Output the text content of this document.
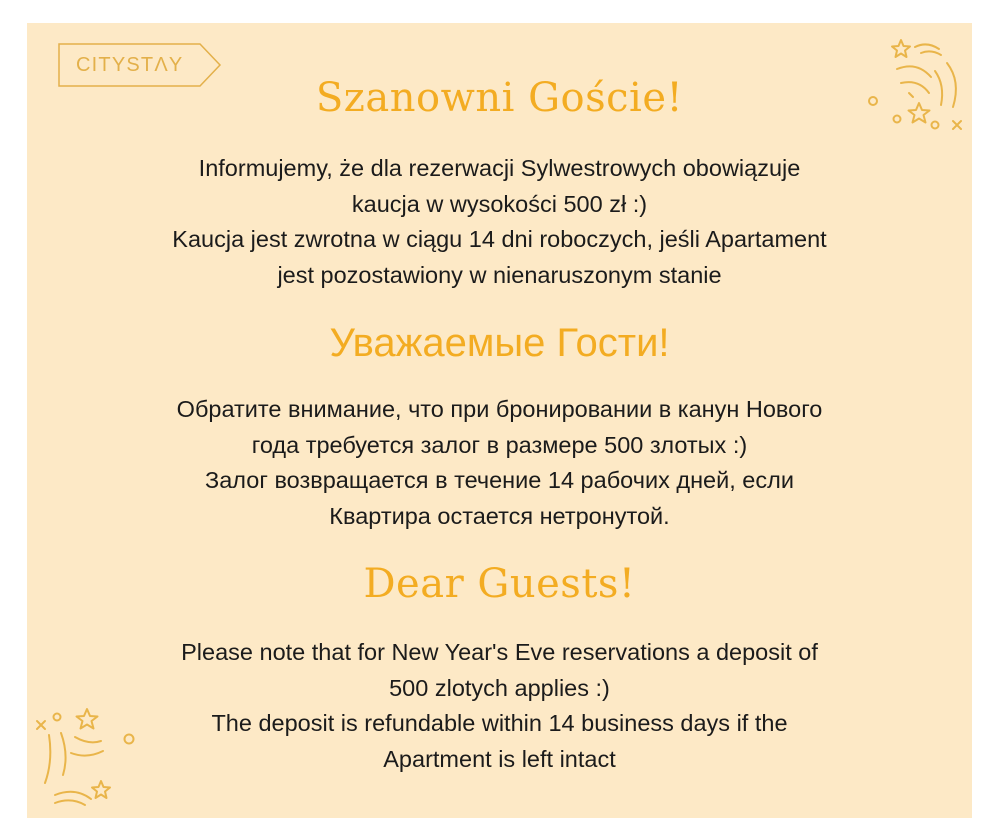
CITYSTΛY
Szanowni Goście!
Informujemy, że dla rezerwacji Sylwestrowych obowiązuje
kaucja w wysokości 500 zł :)
Kaucja jest zwrotna w ciągu 14 dni roboczych, jeśli Apartament
jest pozostawiony w nienaruszonym stanie
Уважаемые Гости!
Обратите внимание, что при бронировании в канун Нового
года требуется залог в размере 500 злотых :)
Залог возвращается в течение 14 рабочих дней, если
Квартира остается нетронутой.
Dear Guests!
Please note that for New Year's Eve reservations a deposit of
500 zlotych applies :)
The deposit is refundable within 14 business days if the
Apartment is left intact
